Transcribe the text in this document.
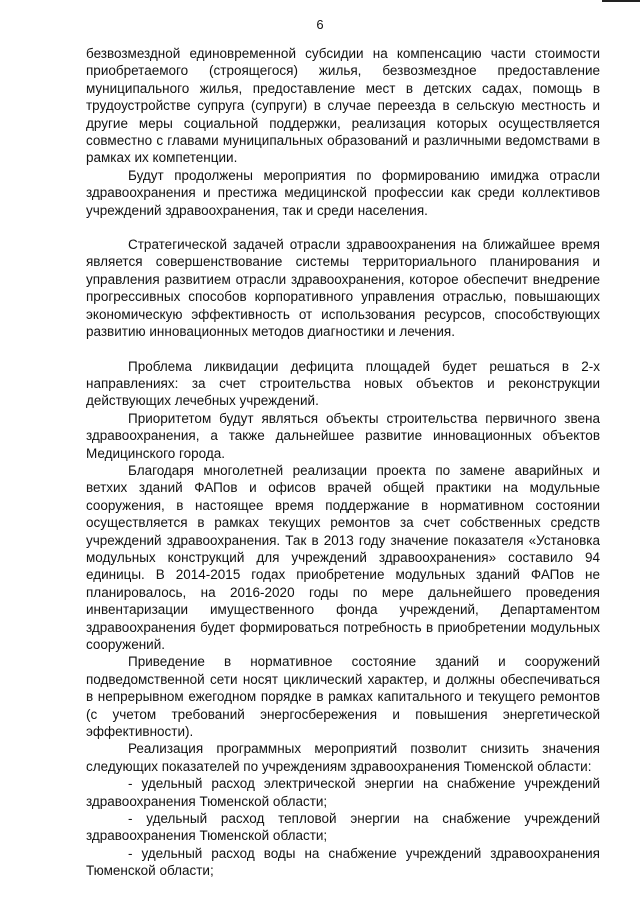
6

безвозмездной единовременной субсидии на компенсацию части стоимости приобретаемого (строящегося) жилья, безвозмездное предоставление муниципального жилья, предоставление мест в детских садах, помощь в трудоустройстве супруга (супруги) в случае переезда в сельскую местность и другие меры социальной поддержки, реализация которых осуществляется совместно с главами муниципальных образований и различными ведомствами в рамках их компетенции.

Будут продолжены мероприятия по формированию имиджа отрасли здравоохранения и престижа медицинской профессии как среди коллективов учреждений здравоохранения, так и среди населения.

Стратегической задачей отрасли здравоохранения на ближайшее время является совершенствование системы территориального планирования и управления развитием отрасли здравоохранения, которое обеспечит внедрение прогрессивных способов корпоративного управления отраслью, повышающих экономическую эффективность от использования ресурсов, способствующих развитию инновационных методов диагностики и лечения.

Проблема ликвидации дефицита площадей будет решаться в 2-х направлениях: за счет строительства новых объектов и реконструкции действующих лечебных учреждений.

Приоритетом будут являться объекты строительства первичного звена здравоохранения, а также дальнейшее развитие инновационных объектов Медицинского города.

Благодаря многолетней реализации проекта по замене аварийных и ветхих зданий ФАПов и офисов врачей общей практики на модульные сооружения, в настоящее время поддержание в нормативном состоянии осуществляется в рамках текущих ремонтов за счет собственных средств учреждений здравоохранения. Так в 2013 году значение показателя «Установка модульных конструкций для учреждений здравоохранения» составило 94 единицы. В 2014-2015 годах приобретение модульных зданий ФАПов не планировалось, на 2016-2020 годы по мере дальнейшего проведения инвентаризации имущественного фонда учреждений, Департаментом здравоохранения будет формироваться потребность в приобретении модульных сооружений.

Приведение в нормативное состояние зданий и сооружений подведомственной сети носят циклический характер, и должны обеспечиваться в непрерывном ежегодном порядке в рамках капитального и текущего ремонтов (с учетом требований энергосбережения и повышения энергетической эффективности).

Реализация программных мероприятий позволит снизить значения следующих показателей по учреждениям здравоохранения Тюменской области:

- удельный расход электрической энергии на снабжение учреждений здравоохранения Тюменской области;

- удельный расход тепловой энергии на снабжение учреждений здравоохранения Тюменской области;

- удельный расход воды на снабжение учреждений здравоохранения Тюменской области;
